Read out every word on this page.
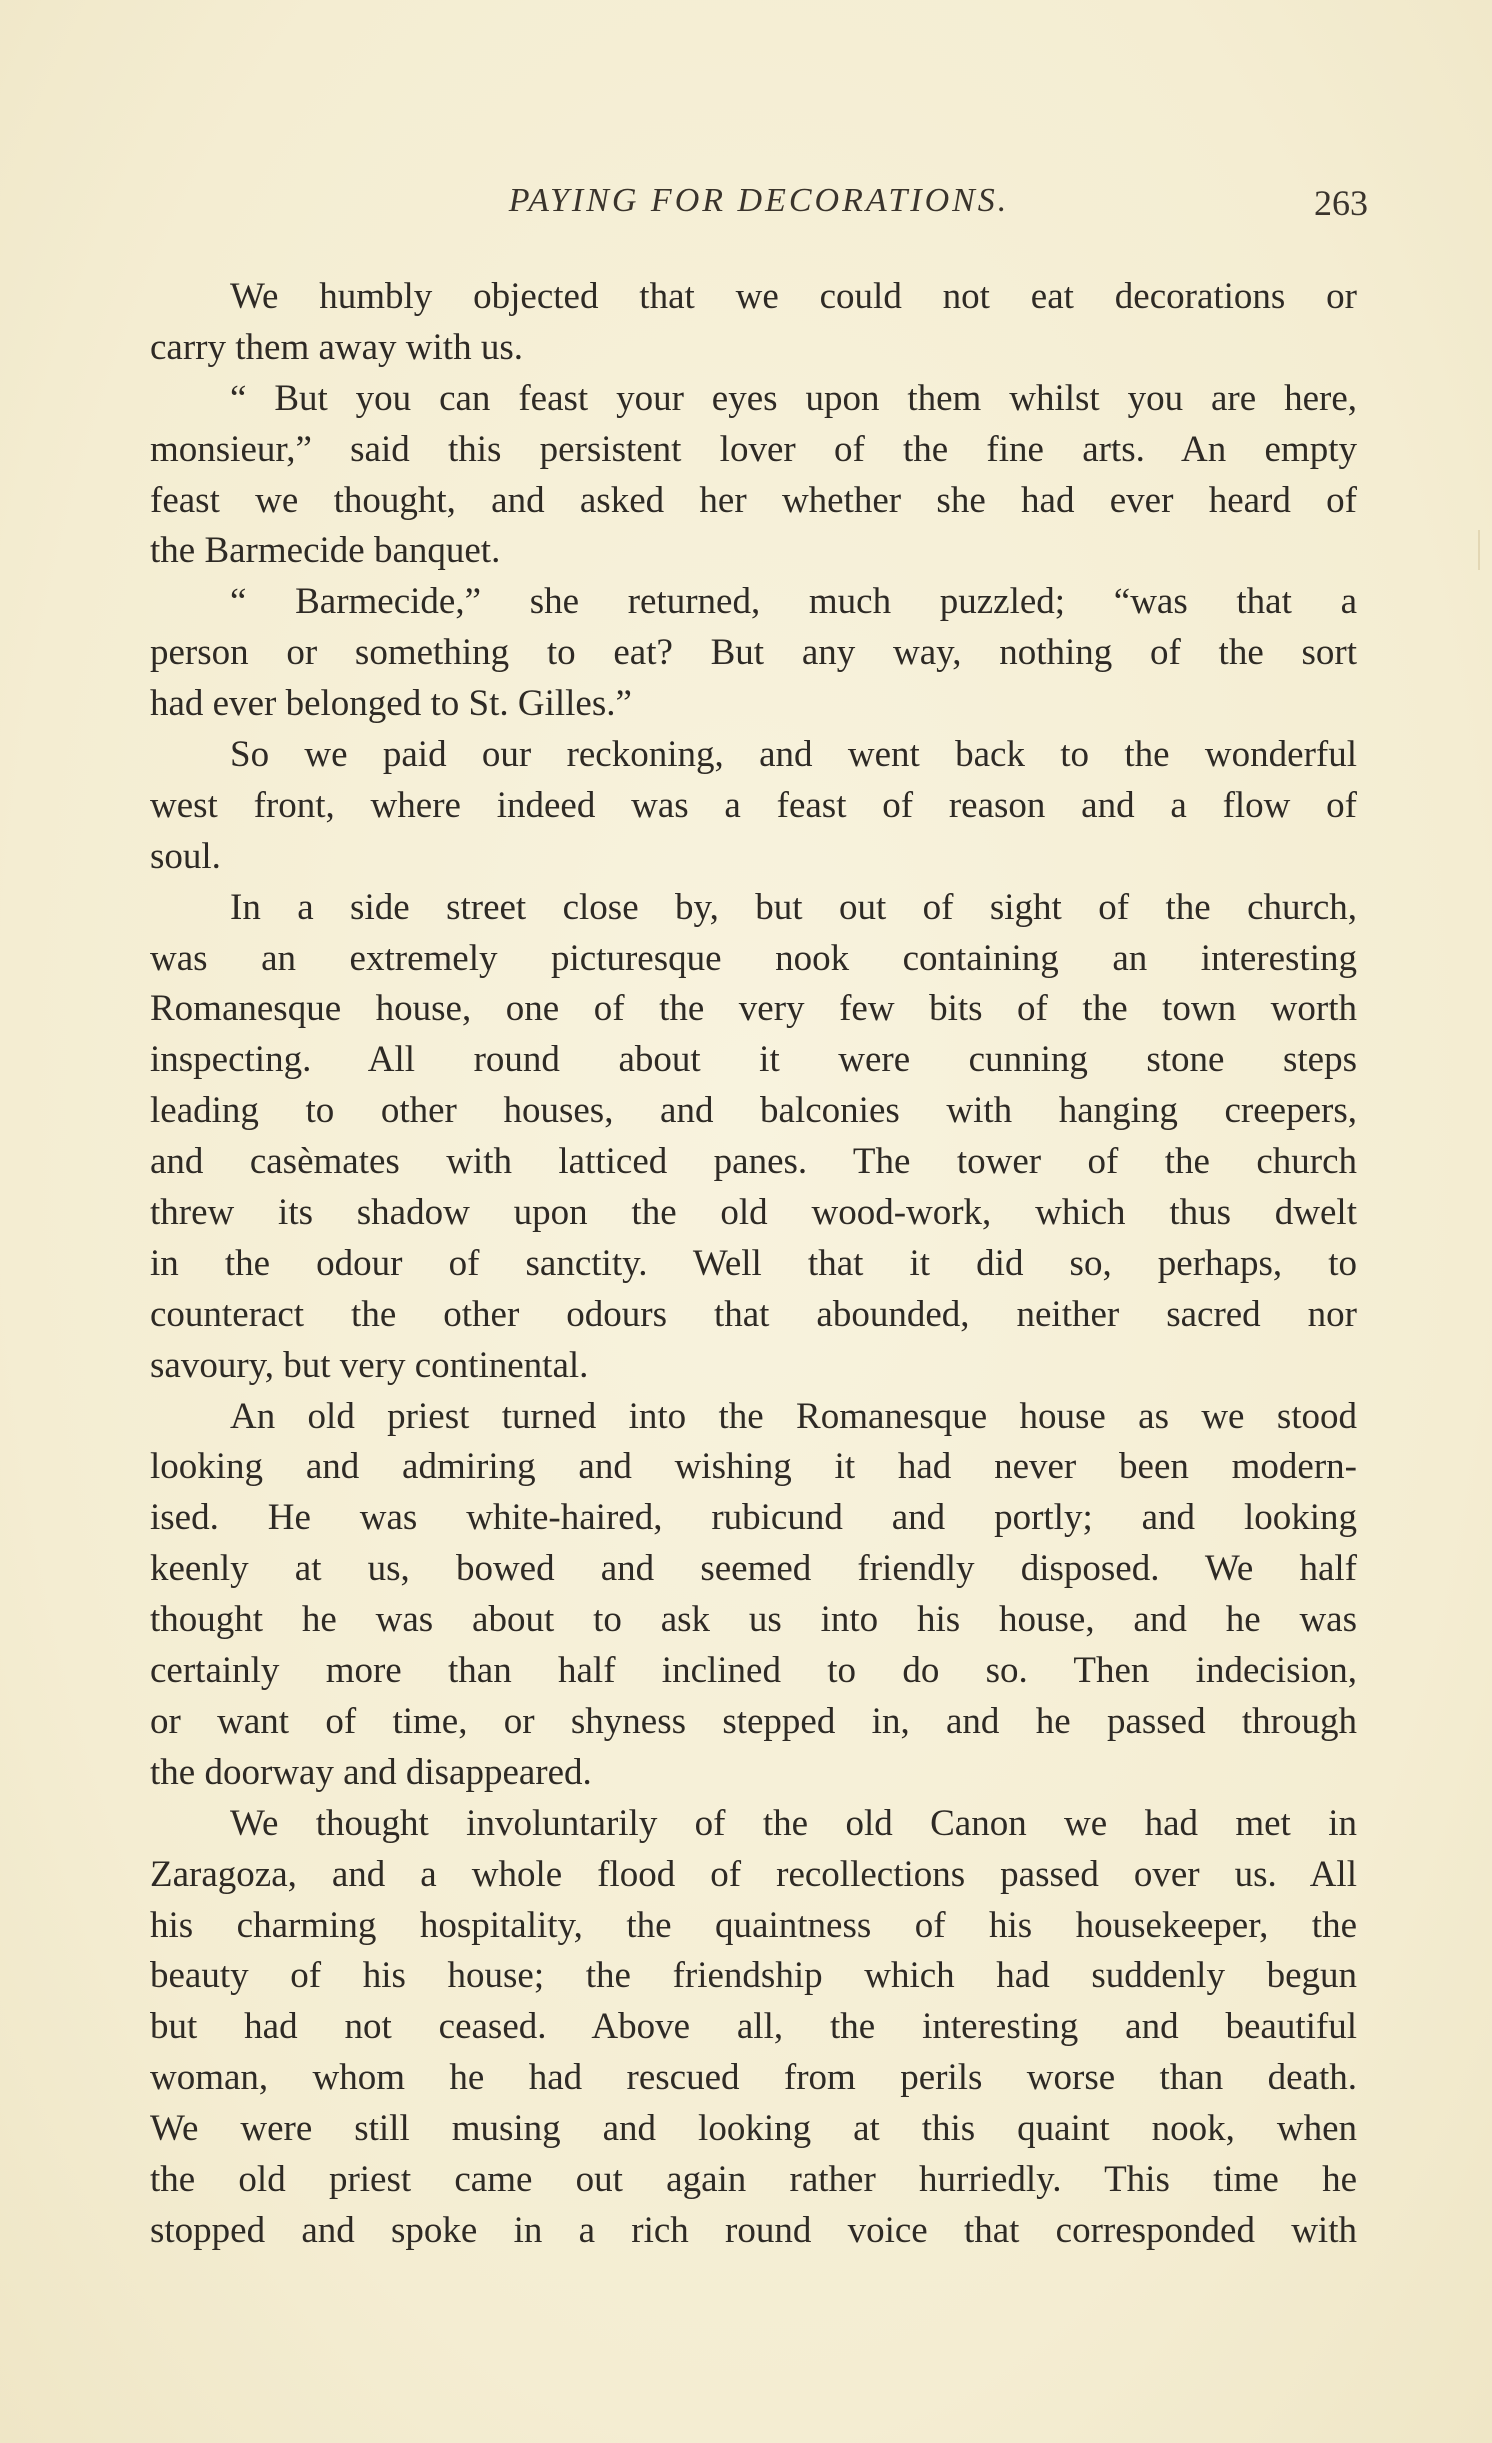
PAYING FOR DECORATIONS.	263
We humbly objected that we could not eat decorations or
carry them away with us.
“ But you can feast your eyes upon them whilst you are here,
monsieur,” said this persistent lover of the fine arts. An empty
feast we thought, and asked her whether she had ever heard of
the Barmecide banquet.
“ Barmecide,” she returned, much puzzled; “was that a
person or something to eat? But any way, nothing of the sort
had ever belonged to St. Gilles.”
So we paid our reckoning, and went back to the wonderful
west front, where indeed was a feast of reason and a flow of
soul.
In a side street close by, but out of sight of the church,
was an extremely picturesque nook containing an interesting
Romanesque house, one of the very few bits of the town worth
inspecting. All round about it were cunning stone steps
leading to other houses, and balconies with hanging creepers,
and casèmates with latticed panes. The tower of the church
threw its shadow upon the old wood-work, which thus dwelt
in the odour of sanctity. Well that it did so, perhaps, to
counteract the other odours that abounded, neither sacred nor
savoury, but very continental.
An old priest turned into the Romanesque house as we stood
looking and admiring and wishing it had never been modern-
ised. He was white-haired, rubicund and portly; and looking
keenly at us, bowed and seemed friendly disposed. We half
thought he was about to ask us into his house, and he was
certainly more than half inclined to do so. Then indecision,
or want of time, or shyness stepped in, and he passed through
the doorway and disappeared.
We thought involuntarily of the old Canon we had met in
Zaragoza, and a whole flood of recollections passed over us. All
his charming hospitality, the quaintness of his housekeeper, the
beauty of his house; the friendship which had suddenly begun
but had not ceased. Above all, the interesting and beautiful
woman, whom he had rescued from perils worse than death.
We were still musing and looking at this quaint nook, when
the old priest came out again rather hurriedly. This time he
stopped and spoke in a rich round voice that corresponded with
